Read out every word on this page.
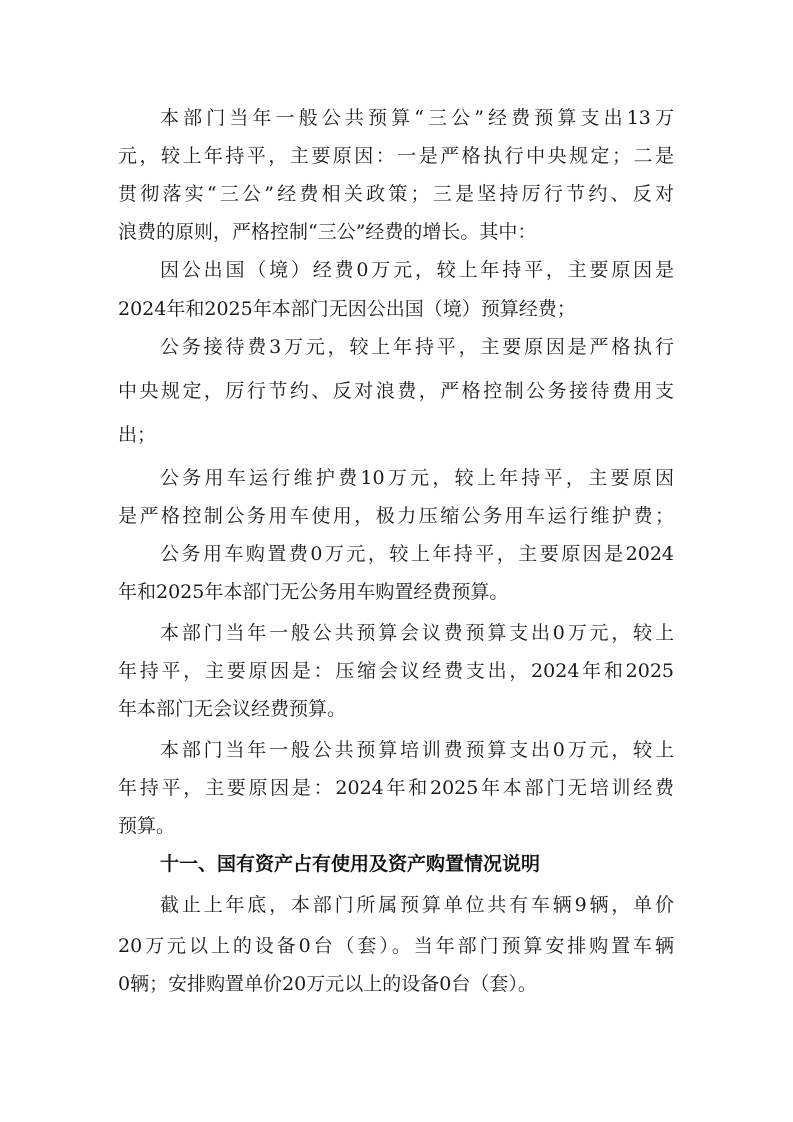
本部门当年一般公共预算“三公”经费预算支出13万
元，较上年持平，主要原因：一是严格执行中央规定；二是
贯彻落实“三公”经费相关政策；三是坚持厉行节约、反对
浪费的原则，严格控制“三公”经费的增长。其中：
因公出国（境）经费0万元，较上年持平，主要原因是
2024年和2025年本部门无因公出国（境）预算经费；
公务接待费3万元，较上年持平，主要原因是严格执行
中央规定，厉行节约、反对浪费，严格控制公务接待费用支
出；
公务用车运行维护费10万元，较上年持平，主要原因
是严格控制公务用车使用，极力压缩公务用车运行维护费；
公务用车购置费0万元，较上年持平，主要原因是2024
年和2025年本部门无公务用车购置经费预算。
本部门当年一般公共预算会议费预算支出0万元，较上
年持平，主要原因是：压缩会议经费支出，2024年和2025
年本部门无会议经费预算。
本部门当年一般公共预算培训费预算支出0万元，较上
年持平，主要原因是：2024年和2025年本部门无培训经费
预算。
十一、国有资产占有使用及资产购置情况说明
截止上年底，本部门所属预算单位共有车辆9辆，单价
20万元以上的设备0台（套）。当年部门预算安排购置车辆
0辆；安排购置单价20万元以上的设备0台（套）。
